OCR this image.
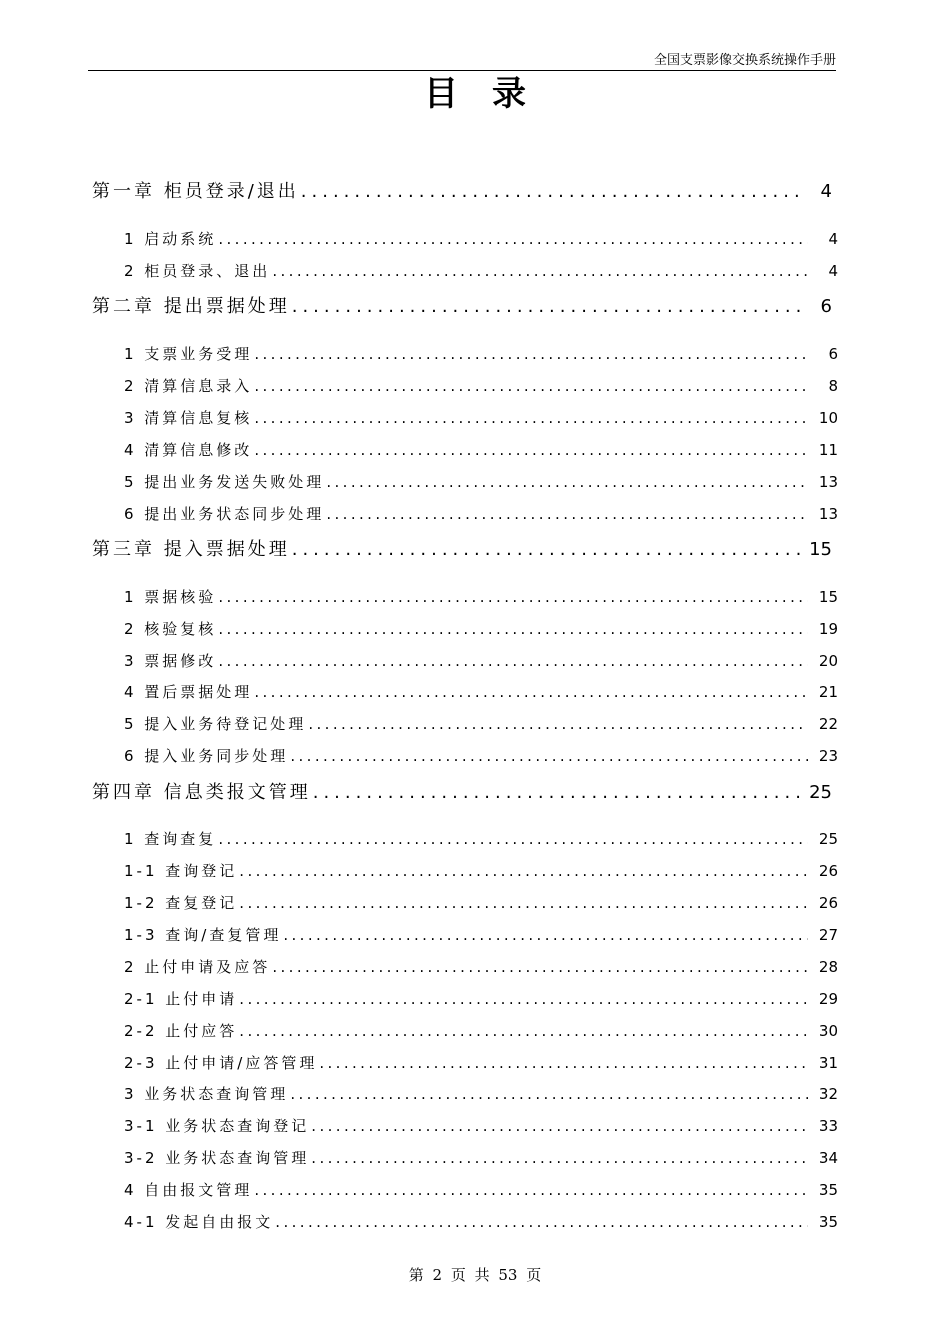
全国支票影像交换系统操作手册
目录
第一章 柜员登录/退出 .....	4
1 启动系统 .....	4
2 柜员登录、退出 .....	4
第二章 提出票据处理 .....	6
1 支票业务受理 .....	6
2 清算信息录入 .....	8
3 清算信息复核 .....	10
4 清算信息修改 .....	11
5 提出业务发送失败处理 .....	13
6 提出业务状态同步处理 .....	13
第三章 提入票据处理 .....	15
1 票据核验 .....	15
2 核验复核 .....	19
3 票据修改 .....	20
4 置后票据处理 .....	21
5 提入业务待登记处理 .....	22
6 提入业务同步处理 .....	23
第四章 信息类报文管理 .....	25
1 查询查复 .....	25
1-1 查询登记 .....	26
1-2 查复登记 .....	26
1-3 查询/查复管理 .....	27
2 止付申请及应答 .....	28
2-1 止付申请 .....	29
2-2 止付应答 .....	30
2-3 止付申请/应答管理 .....	31
3 业务状态查询管理 .....	32
3-1 业务状态查询登记 .....	33
3-2 业务状态查询管理 .....	34
4 自由报文管理 .....	35
4-1 发起自由报文 .....	35
第 2 页 共 53 页
